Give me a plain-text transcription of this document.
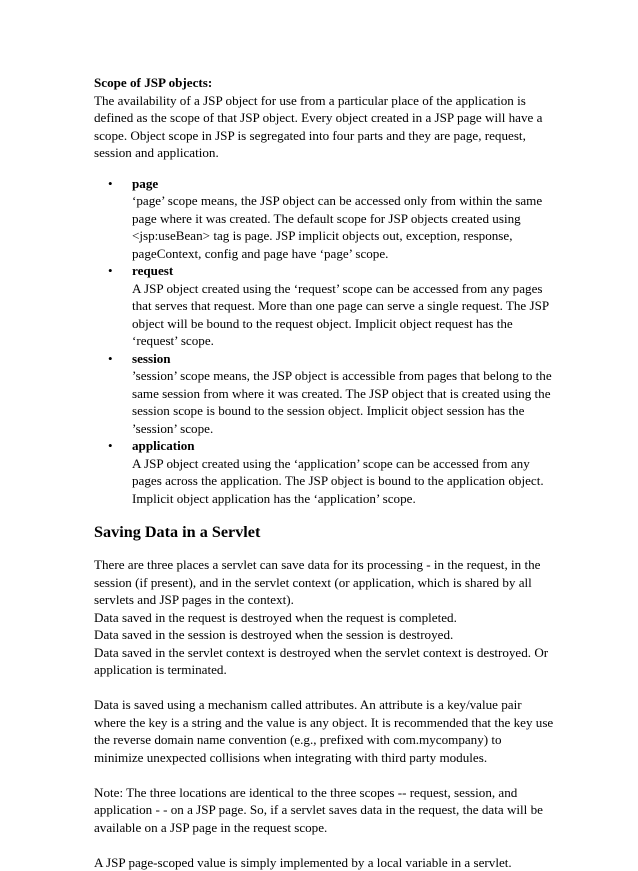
Scope of JSP objects:

The availability of a JSP object for use from a particular place of the application is defined as the scope of that JSP object. Every object created in a JSP page will have a scope. Object scope in JSP is segregated into four parts and they are page, request, session and application.

• page
‘page’ scope means, the JSP object can be accessed only from within the same page where it was created. The default scope for JSP objects created using <jsp:useBean> tag is page. JSP implicit objects out, exception, response, pageContext, config and page have ‘page’ scope.
• request
A JSP object created using the ‘request’ scope can be accessed from any pages that serves that request. More than one page can serve a single request. The JSP object will be bound to the request object. Implicit object request has the ‘request’ scope.
• session
’session’ scope means, the JSP object is accessible from pages that belong to the same session from where it was created. The JSP object that is created using the session scope is bound to the session object. Implicit object session has the ’session’ scope.
• application
A JSP object created using the ‘application’ scope can be accessed from any pages across the application. The JSP object is bound to the application object. Implicit object application has the ‘application’ scope.

Saving Data in a Servlet

There are three places a servlet can save data for its processing - in the request, in the session (if present), and in the servlet context (or application, which is shared by all servlets and JSP pages in the context).

Data saved in the request is destroyed when the request is completed.

Data saved in the session is destroyed when the session is destroyed.

Data saved in the servlet context is destroyed when the servlet context is destroyed. Or application is terminated.

Data is saved using a mechanism called attributes. An attribute is a key/value pair where the key is a string and the value is any object. It is recommended that the key use the reverse domain name convention (e.g., prefixed with com.mycompany) to minimize unexpected collisions when integrating with third party modules.

Note: The three locations are identical to the three scopes -- request, session, and application - - on a JSP page. So, if a servlet saves data in the request, the data will be available on a JSP page in the request scope.

A JSP page-scoped value is simply implemented by a local variable in a servlet.
